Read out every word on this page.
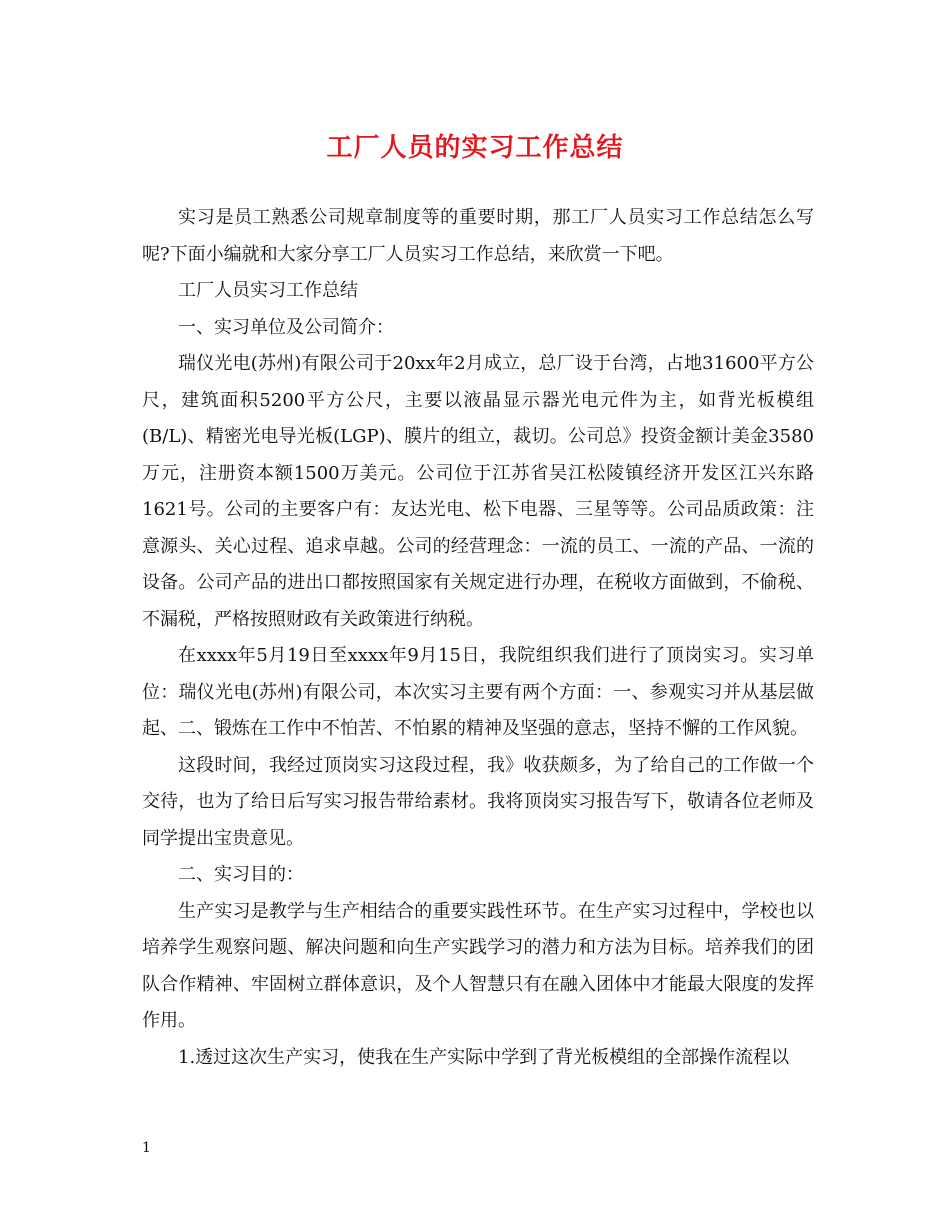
工厂人员的实习工作总结

实习是员工熟悉公司规章制度等的重要时期，那工厂人员实习工作总结怎么写呢?下面小编就和大家分享工厂人员实习工作总结，来欣赏一下吧。

工厂人员实习工作总结

一、实习单位及公司简介：

瑞仪光电(苏州)有限公司于20xx年2月成立，总厂设于台湾，占地31600平方公尺，建筑面积5200平方公尺，主要以液晶显示器光电元件为主，如背光板模组(B/L)、精密光电导光板(LGP)、膜片的组立，裁切。公司总》投资金额计美金3580万元，注册资本额1500万美元。公司位于江苏省吴江松陵镇经济开发区江兴东路1621号。公司的主要客户有：友达光电、松下电器、三星等等。公司品质政策：注意源头、关心过程、追求卓越。公司的经营理念：一流的员工、一流的产品、一流的设备。公司产品的进出口都按照国家有关规定进行办理，在税收方面做到，不偷税、不漏税，严格按照财政有关政策进行纳税。

在xxxx年5月19日至xxxx年9月15日，我院组织我们进行了顶岗实习。实习单位：瑞仪光电(苏州)有限公司，本次实习主要有两个方面：一、参观实习并从基层做起、二、锻炼在工作中不怕苦、不怕累的精神及坚强的意志，坚持不懈的工作风貌。

这段时间，我经过顶岗实习这段过程，我》收获颇多，为了给自己的工作做一个交待，也为了给日后写实习报告带给素材。我将顶岗实习报告写下，敬请各位老师及同学提出宝贵意见。

二、实习目的：

生产实习是教学与生产相结合的重要实践性环节。在生产实习过程中，学校也以培养学生观察问题、解决问题和向生产实践学习的潜力和方法为目标。培养我们的团队合作精神、牢固树立群体意识，及个人智慧只有在融入团体中才能最大限度的发挥作用。

1.透过这次生产实习，使我在生产实际中学到了背光板模组的全部操作流程以

1
